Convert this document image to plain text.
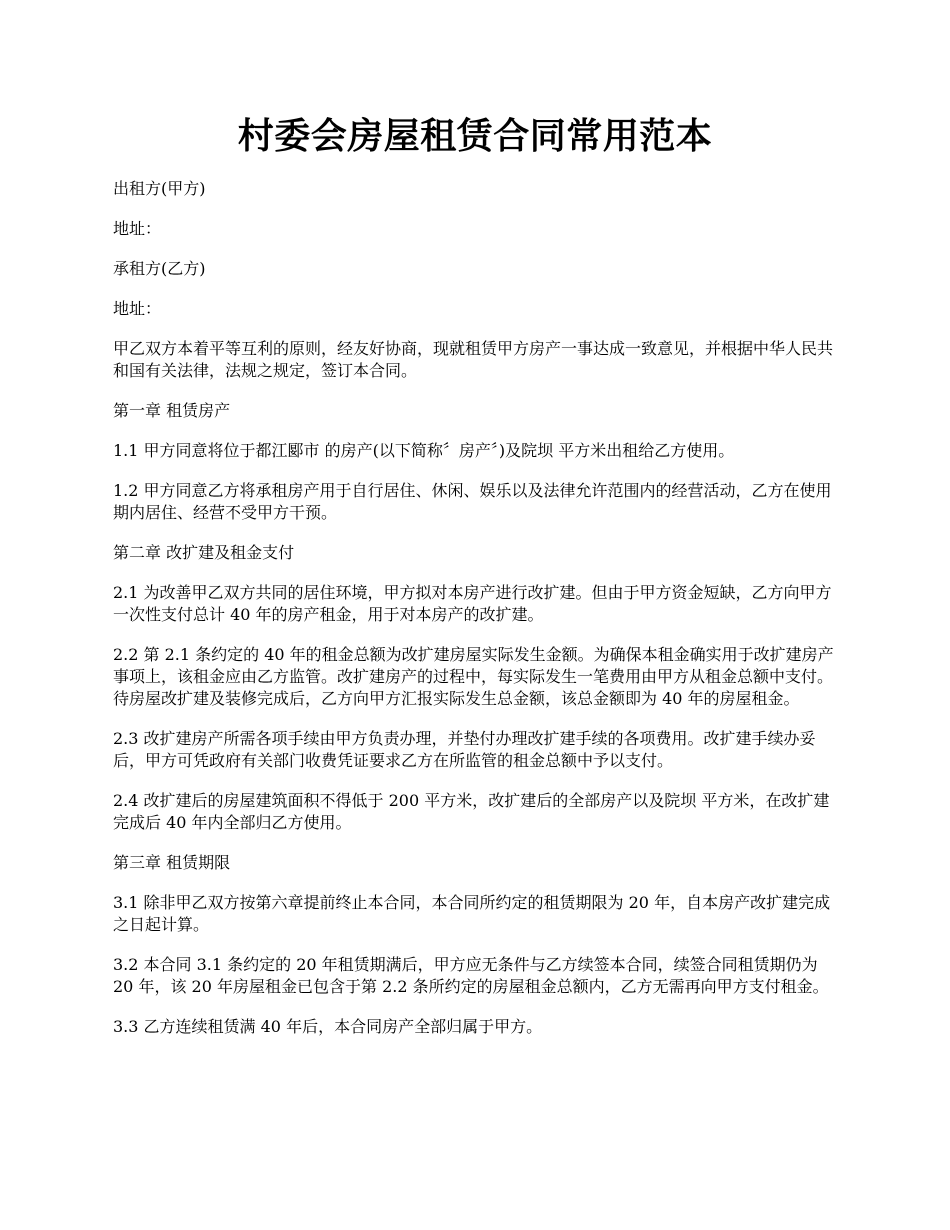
村委会房屋租赁合同常用范本

出租方(甲方)

地址：

承租方(乙方)

地址：

甲乙双方本着平等互利的原则，经友好协商，现就租赁甲方房产一事达成一致意见，并根据中华人民共和国有关法律，法规之规定，签订本合同。

第一章 租赁房产

1.1 甲方同意将位于都江郾市 的房产(以下简称〞房产〞)及院坝 平方米出租给乙方使用。

1.2 甲方同意乙方将承租房产用于自行居住、休闲、娱乐以及法律允许范围内的经营活动，乙方在使用期内居住、经营不受甲方干预。

第二章 改扩建及租金支付

2.1 为改善甲乙双方共同的居住环境，甲方拟对本房产进行改扩建。但由于甲方资金短缺，乙方向甲方一次性支付总计 40 年的房产租金，用于对本房产的改扩建。

2.2 第 2.1 条约定的 40 年的租金总额为改扩建房屋实际发生金额。为确保本租金确实用于改扩建房产事项上，该租金应由乙方监管。改扩建房产的过程中，每实际发生一笔费用由甲方从租金总额中支付。待房屋改扩建及装修完成后，乙方向甲方汇报实际发生总金额，该总金额即为 40 年的房屋租金。

2.3 改扩建房产所需各项手续由甲方负责办理，并垫付办理改扩建手续的各项费用。改扩建手续办妥后，甲方可凭政府有关部门收费凭证要求乙方在所监管的租金总额中予以支付。

2.4 改扩建后的房屋建筑面积不得低于 200 平方米，改扩建后的全部房产以及院坝 平方米，在改扩建完成后 40 年内全部归乙方使用。

第三章 租赁期限

3.1 除非甲乙双方按第六章提前终止本合同，本合同所约定的租赁期限为 20 年，自本房产改扩建完成之日起计算。

3.2 本合同 3.1 条约定的 20 年租赁期满后，甲方应无条件与乙方续签本合同，续签合同租赁期仍为 20 年，该 20 年房屋租金已包含于第 2.2 条所约定的房屋租金总额内，乙方无需再向甲方支付租金。

3.3 乙方连续租赁满 40 年后，本合同房产全部归属于甲方。
